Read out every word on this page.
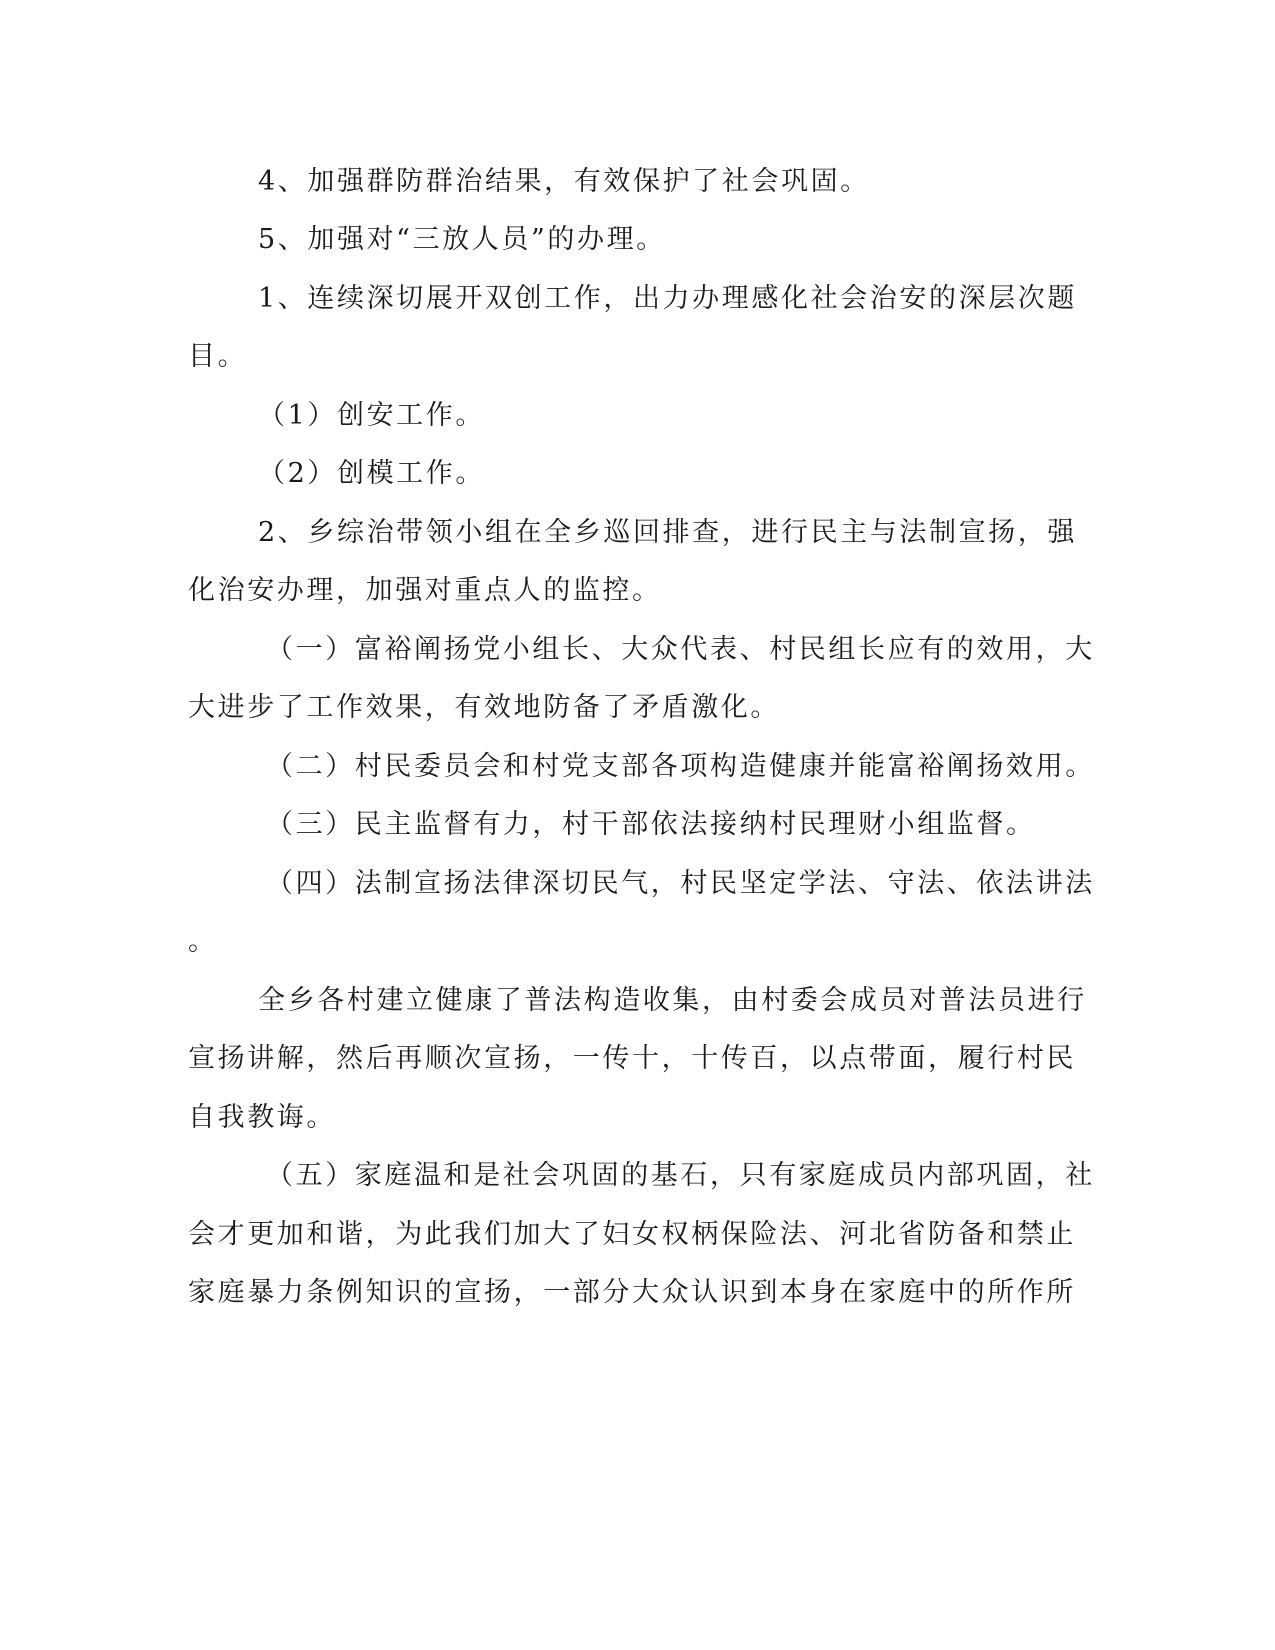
4、加强群防群治结果，有效保护了社会巩固。
5、加强对“三放人员”的办理。
1、连续深切展开双创工作，出力办理感化社会治安的深层次题
目。
（1）创安工作。
（2）创模工作。
2、乡综治带领小组在全乡巡回排查，进行民主与法制宣扬，强
化治安办理，加强对重点人的监控。
（一）富裕阐扬党小组长、大众代表、村民组长应有的效用，大
大进步了工作效果，有效地防备了矛盾激化。
（二）村民委员会和村党支部各项构造健康并能富裕阐扬效用。
（三）民主监督有力，村干部依法接纳村民理财小组监督。
（四）法制宣扬法律深切民气，村民坚定学法、守法、依法讲法
。
全乡各村建立健康了普法构造收集，由村委会成员对普法员进行
宣扬讲解，然后再顺次宣扬，一传十，十传百，以点带面，履行村民
自我教诲。
（五）家庭温和是社会巩固的基石，只有家庭成员内部巩固，社
会才更加和谐，为此我们加大了妇女权柄保险法、河北省防备和禁止
家庭暴力条例知识的宣扬，一部分大众认识到本身在家庭中的所作所
